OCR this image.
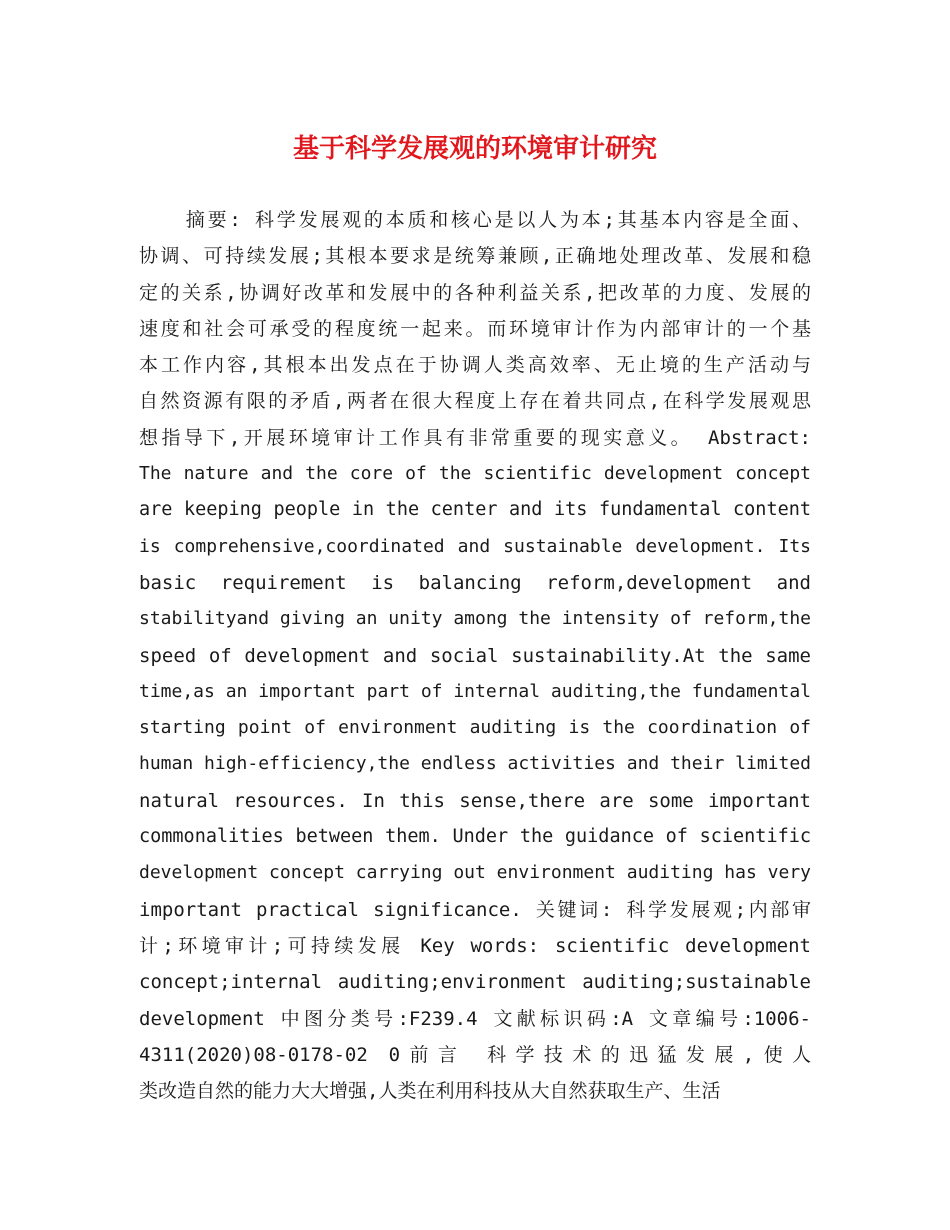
基于科学发展观的环境审计研究
摘要: 科学发展观的本质和核心是以人为本;其基本内容是全面、
协调、可持续发展;其根本要求是统筹兼顾,正确地处理改革、发展和稳
定的关系,协调好改革和发展中的各种利益关系,把改革的力度、发展的
速度和社会可承受的程度统一起来。而环境审计作为内部审计的一个基
本工作内容,其根本出发点在于协调人类高效率、无止境的生产活动与
自然资源有限的矛盾,两者在很大程度上存在着共同点,在科学发展观思
想指导下,开展环境审计工作具有非常重要的现实意义。 Abstract:
The nature and the core of the scientific development concept
are keeping people in the center and its fundamental content
is comprehensive,coordinated and sustainable development. Its
basic requirement is balancing reform,development and
stabilityand giving an unity among the intensity of reform,the
speed of development and social sustainability.At the same
time,as an important part of internal auditing,the fundamental
starting point of environment auditing is the coordination of
human high-efficiency,the endless activities and their limited
natural resources. In this sense,there are some important
commonalities between them. Under the guidance of scientific
development concept carrying out environment auditing has very
important practical significance. 关键词: 科学发展观;内部审
计;环境审计;可持续发展 Key words: scientific development
concept;internal auditing;environment auditing;sustainable
development 中图分类号:F239.4 文献标识码:A 文章编号:1006-
4311(2020)08-0178-02 0前言 科学技术的迅猛发展,使人
类改造自然的能力大大增强,人类在利用科技从大自然获取生产、生活
